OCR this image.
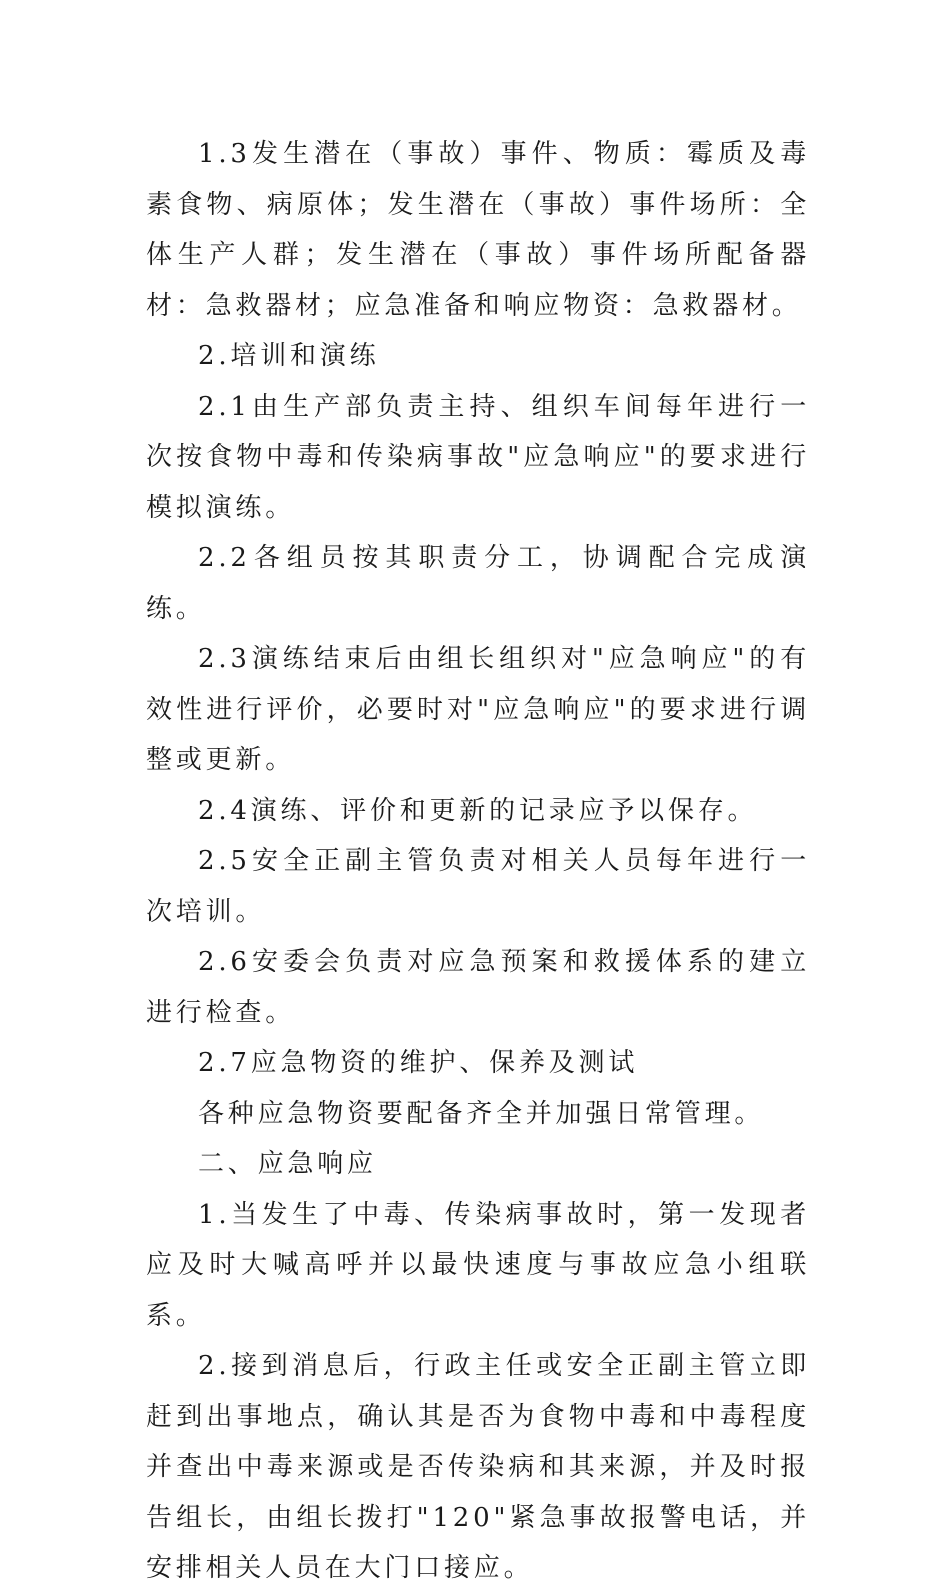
1.3发生潜在（事故）事件、物质：霉质及毒素食物、病原体；发生潜在（事故）事件场所：全体生产人群；发生潜在（事故）事件场所配备器材：急救器材；应急准备和响应物资：急救器材。

2.培训和演练

2.1由生产部负责主持、组织车间每年进行一次按食物中毒和传染病事故"应急响应"的要求进行模拟演练。

2.2各组员按其职责分工，协调配合完成演练。

2.3演练结束后由组长组织对"应急响应"的有效性进行评价，必要时对"应急响应"的要求进行调整或更新。

2.4演练、评价和更新的记录应予以保存。

2.5安全正副主管负责对相关人员每年进行一次培训。

2.6安委会负责对应急预案和救援体系的建立进行检查。

2.7应急物资的维护、保养及测试

各种应急物资要配备齐全并加强日常管理。

二、应急响应

1.当发生了中毒、传染病事故时，第一发现者应及时大喊高呼并以最快速度与事故应急小组联系。

2.接到消息后，行政主任或安全正副主管立即赶到出事地点，确认其是否为食物中毒和中毒程度并查出中毒来源或是否传染病和其来源，并及时报告组长，由组长拨打"120"紧急事故报警电话，并安排相关人员在大门口接应。
